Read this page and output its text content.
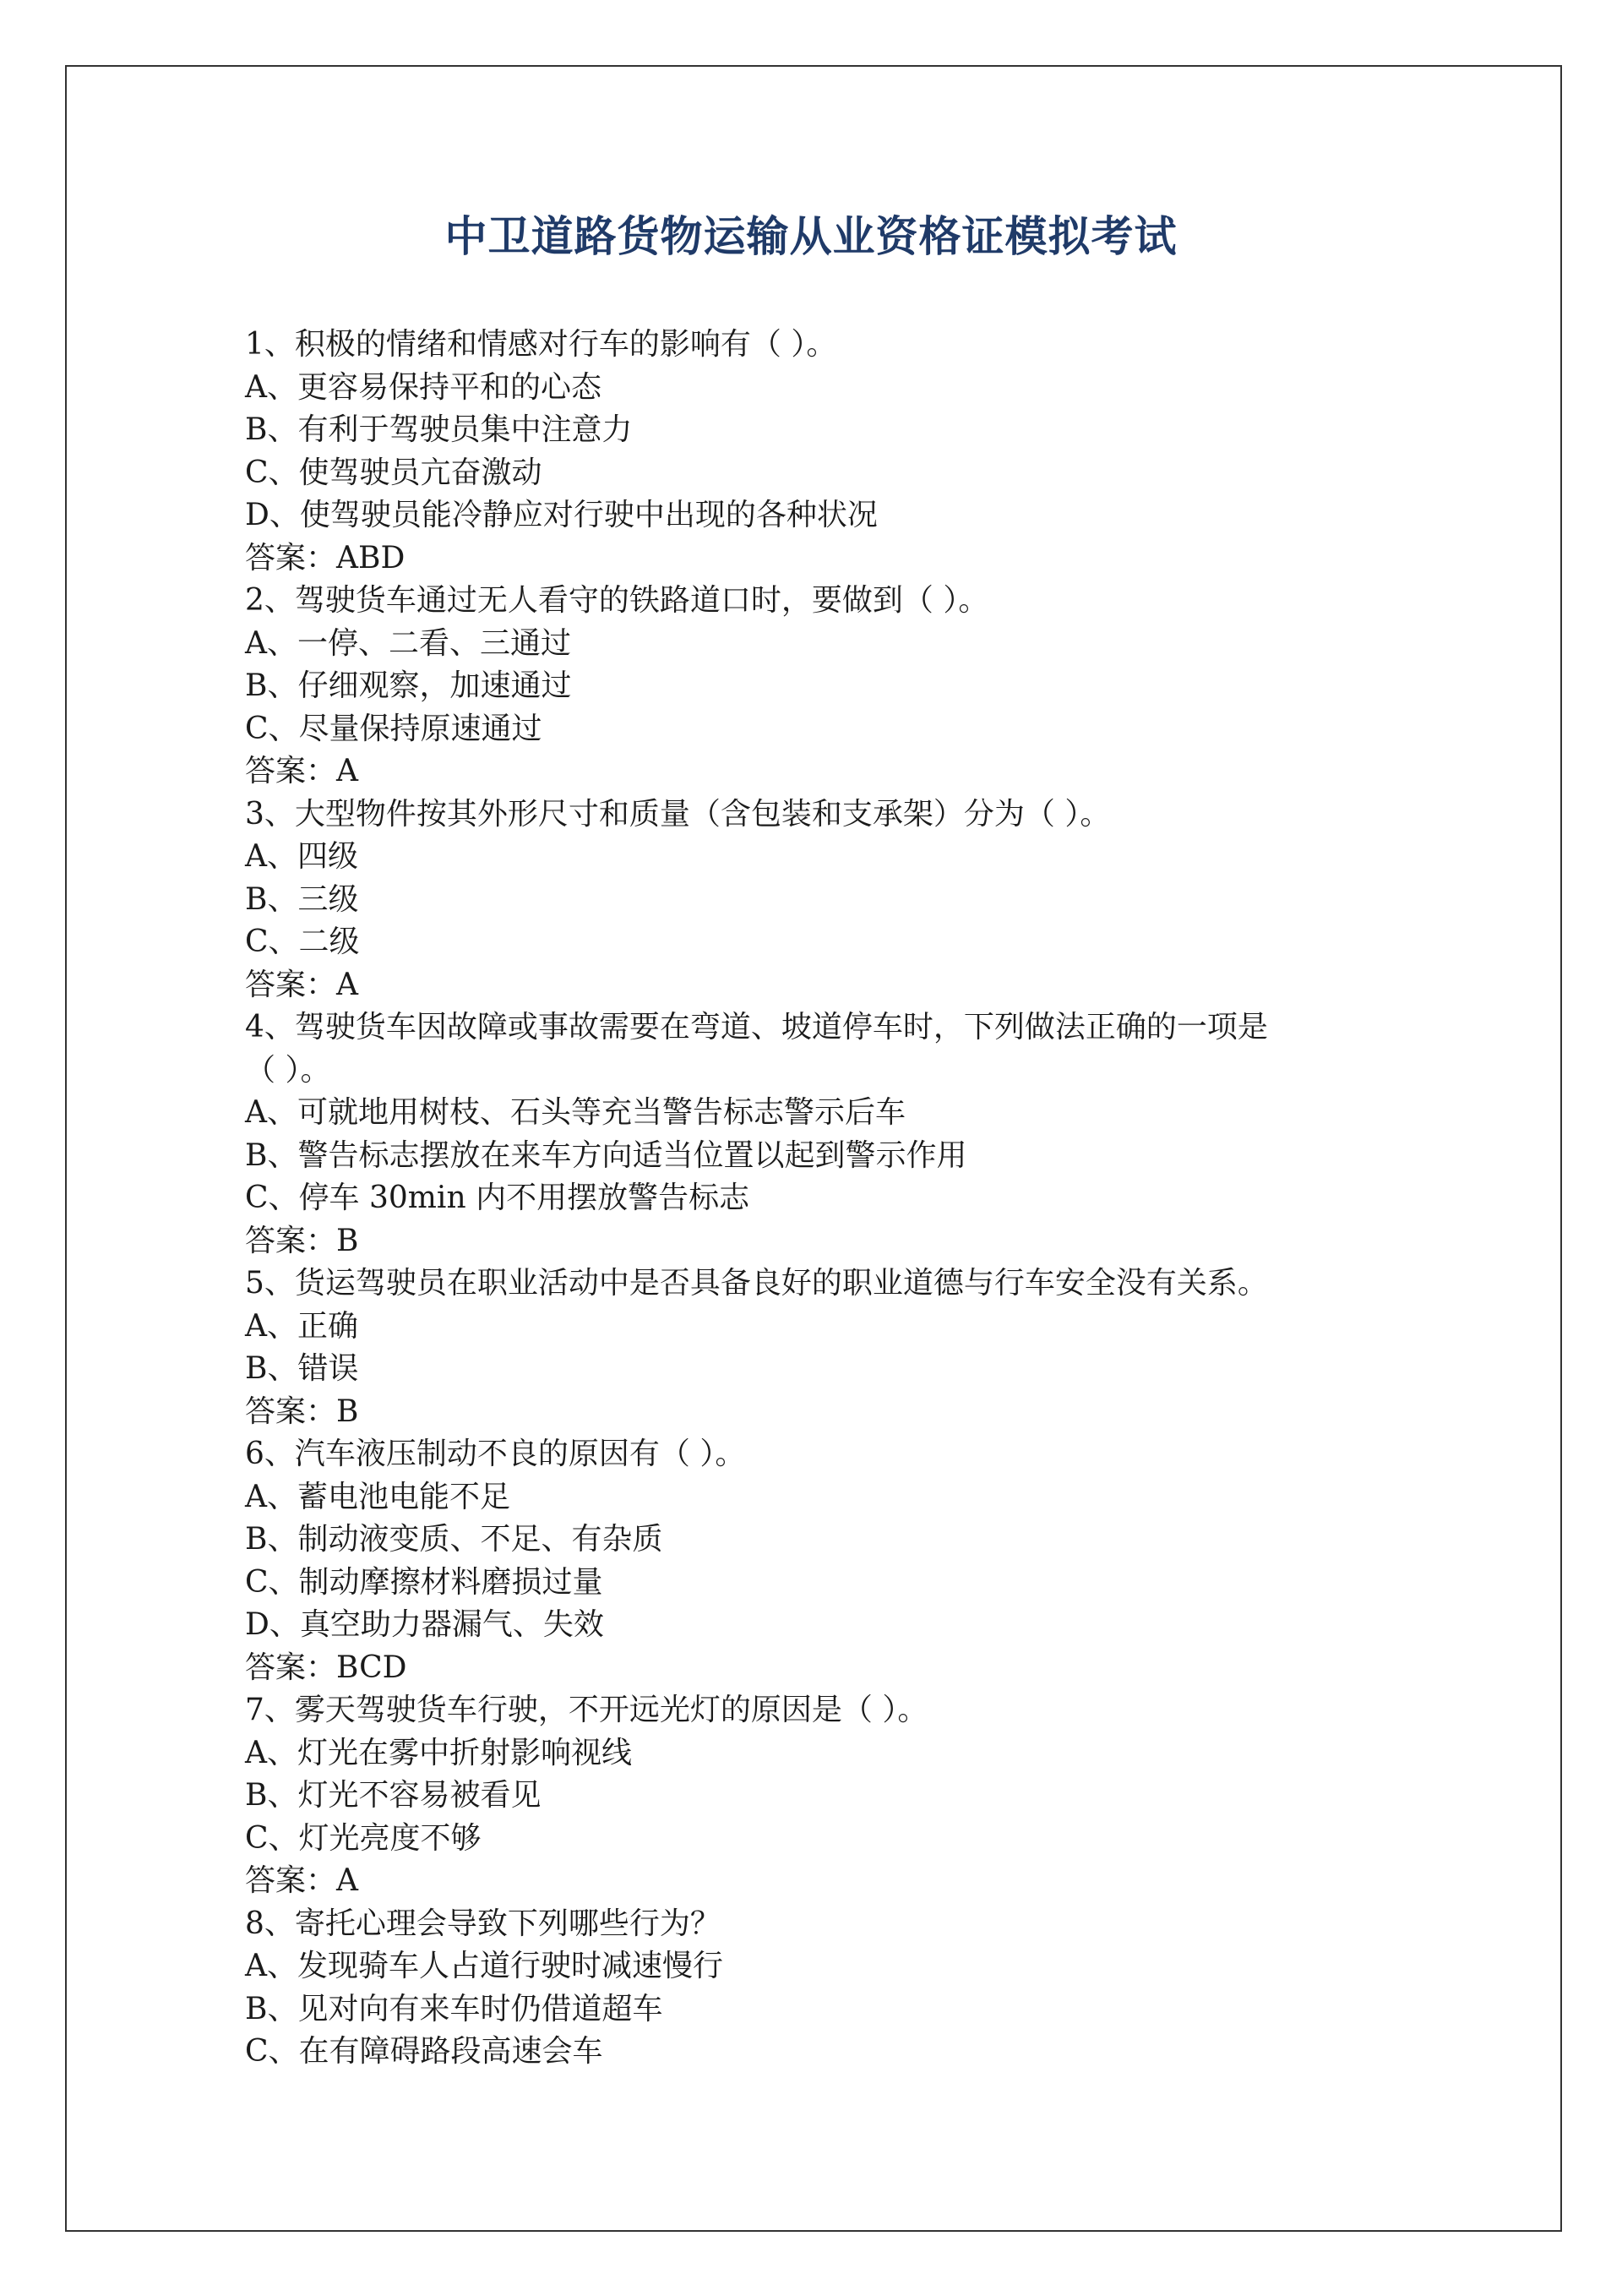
中卫道路货物运输从业资格证模拟考试
1、积极的情绪和情感对行车的影响有（ ）。
A、更容易保持平和的心态
B、有利于驾驶员集中注意力
C、使驾驶员亢奋激动
D、使驾驶员能冷静应对行驶中出现的各种状况
答案：ABD
2、驾驶货车通过无人看守的铁路道口时，要做到（ ）。
A、一停、二看、三通过
B、仔细观察，加速通过
C、尽量保持原速通过
答案：A
3、大型物件按其外形尺寸和质量（含包装和支承架）分为（ ）。
A、四级
B、三级
C、二级
答案：A
4、驾驶货车因故障或事故需要在弯道、坡道停车时，下列做法正确的一项是
（ ）。
A、可就地用树枝、石头等充当警告标志警示后车
B、警告标志摆放在来车方向适当位置以起到警示作用
C、停车 30min 内不用摆放警告标志
答案：B
5、货运驾驶员在职业活动中是否具备良好的职业道德与行车安全没有关系。
A、正确
B、错误
答案：B
6、汽车液压制动不良的原因有（ ）。
A、蓄电池电能不足
B、制动液变质、不足、有杂质
C、制动摩擦材料磨损过量
D、真空助力器漏气、失效
答案：BCD
7、雾天驾驶货车行驶，不开远光灯的原因是（ ）。
A、灯光在雾中折射影响视线
B、灯光不容易被看见
C、灯光亮度不够
答案：A
8、寄托心理会导致下列哪些行为？
A、发现骑车人占道行驶时减速慢行
B、见对向有来车时仍借道超车
C、在有障碍路段高速会车
